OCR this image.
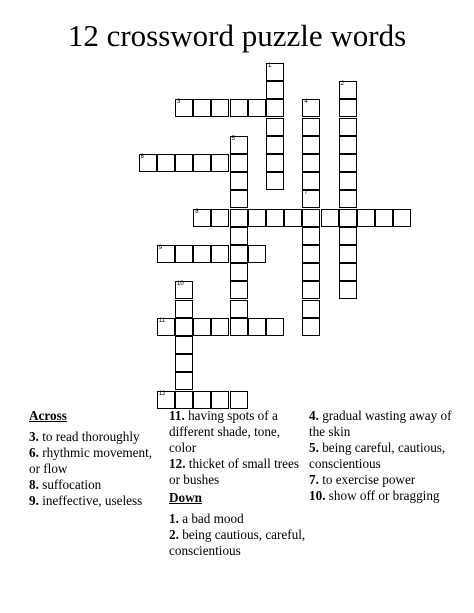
12 crossword puzzle words
1
2
3	4
7
5
6
8
9
10
11
12
Across

3. to read thoroughly

6. rhythmic movement, or flow

8. suffocation

9. ineffective, useless

11. having spots of a different shade, tone, color

12. thicket of small trees or bushes

Down

1. a bad mood

2. being cautious, careful, conscientious

4. gradual wasting away of the skin

5. being careful, cautious, conscientious

7. to exercise power

10. show off or bragging
